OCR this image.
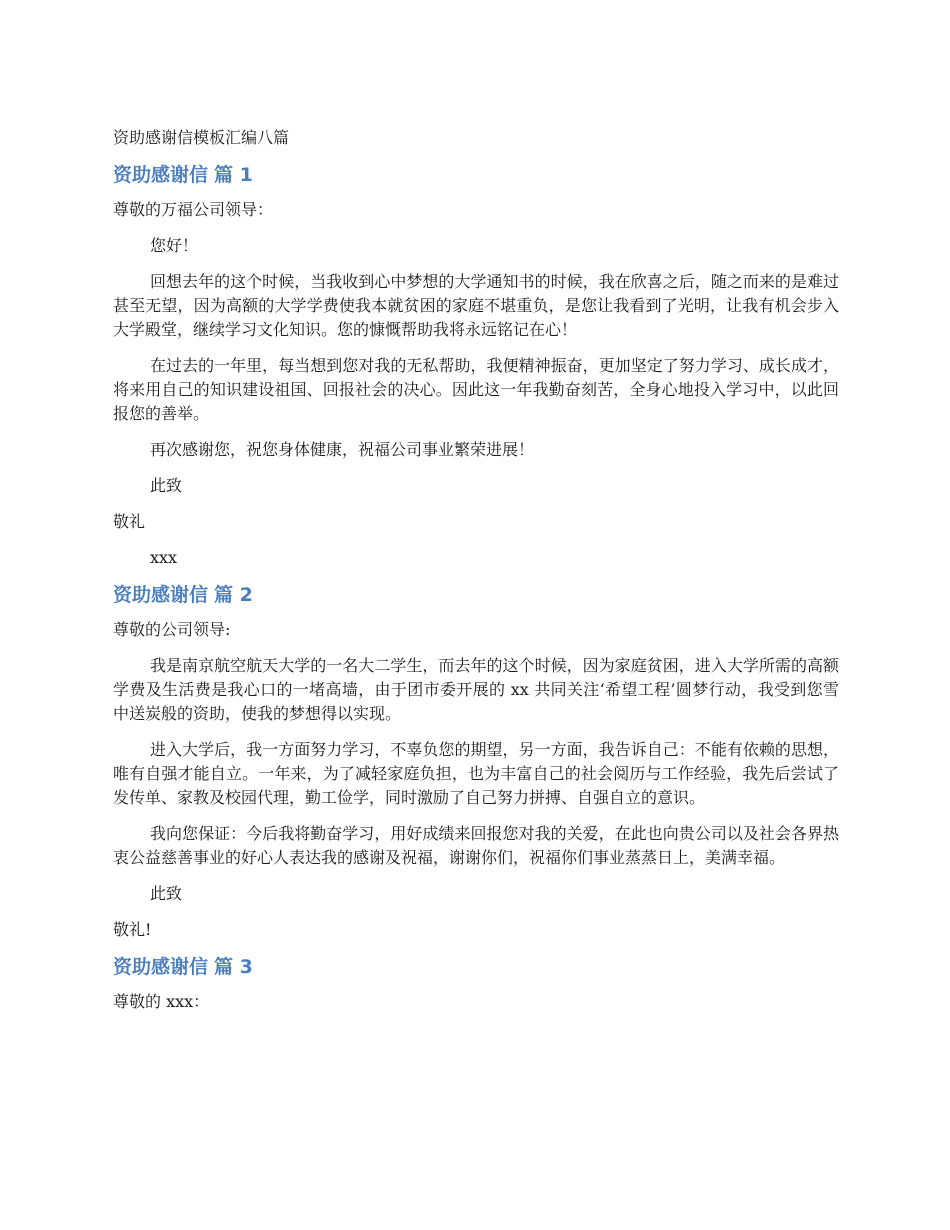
资助感谢信模板汇编八篇
资助感谢信 篇 1
尊敬的万福公司领导：
您好！
回想去年的这个时候，当我收到心中梦想的大学通知书的时候，我在欣喜之后，随之而来的是难过甚至无望，因为高额的大学学费使我本就贫困的家庭不堪重负，是您让我看到了光明，让我有机会步入大学殿堂，继续学习文化知识。您的慷慨帮助我将永远铭记在心！
在过去的一年里，每当想到您对我的无私帮助，我便精神振奋，更加坚定了努力学习、成长成才，将来用自己的知识建设祖国、回报社会的决心。因此这一年我勤奋刻苦，全身心地投入学习中，以此回报您的善举。
再次感谢您，祝您身体健康，祝福公司事业繁荣进展！
此致
敬礼
xxx
资助感谢信 篇 2
尊敬的公司领导:
我是南京航空航天大学的一名大二学生，而去年的这个时候，因为家庭贫困，进入大学所需的高额学费及生活费是我心口的一堵高墙，由于团市委开展的 xx 共同关注‘希望工程’圆梦行动，我受到您雪中送炭般的资助，使我的梦想得以实现。
进入大学后，我一方面努力学习，不辜负您的期望，另一方面，我告诉自己：不能有依赖的思想，唯有自强才能自立。一年来，为了减轻家庭负担，也为丰富自己的社会阅历与工作经验，我先后尝试了发传单、家教及校园代理，勤工俭学，同时激励了自己努力拼搏、自强自立的意识。
我向您保证：今后我将勤奋学习，用好成绩来回报您对我的关爱，在此也向贵公司以及社会各界热衷公益慈善事业的好心人表达我的感谢及祝福，谢谢你们，祝福你们事业蒸蒸日上，美满幸福。
此致
敬礼!
资助感谢信 篇 3
尊敬的 xxx：
